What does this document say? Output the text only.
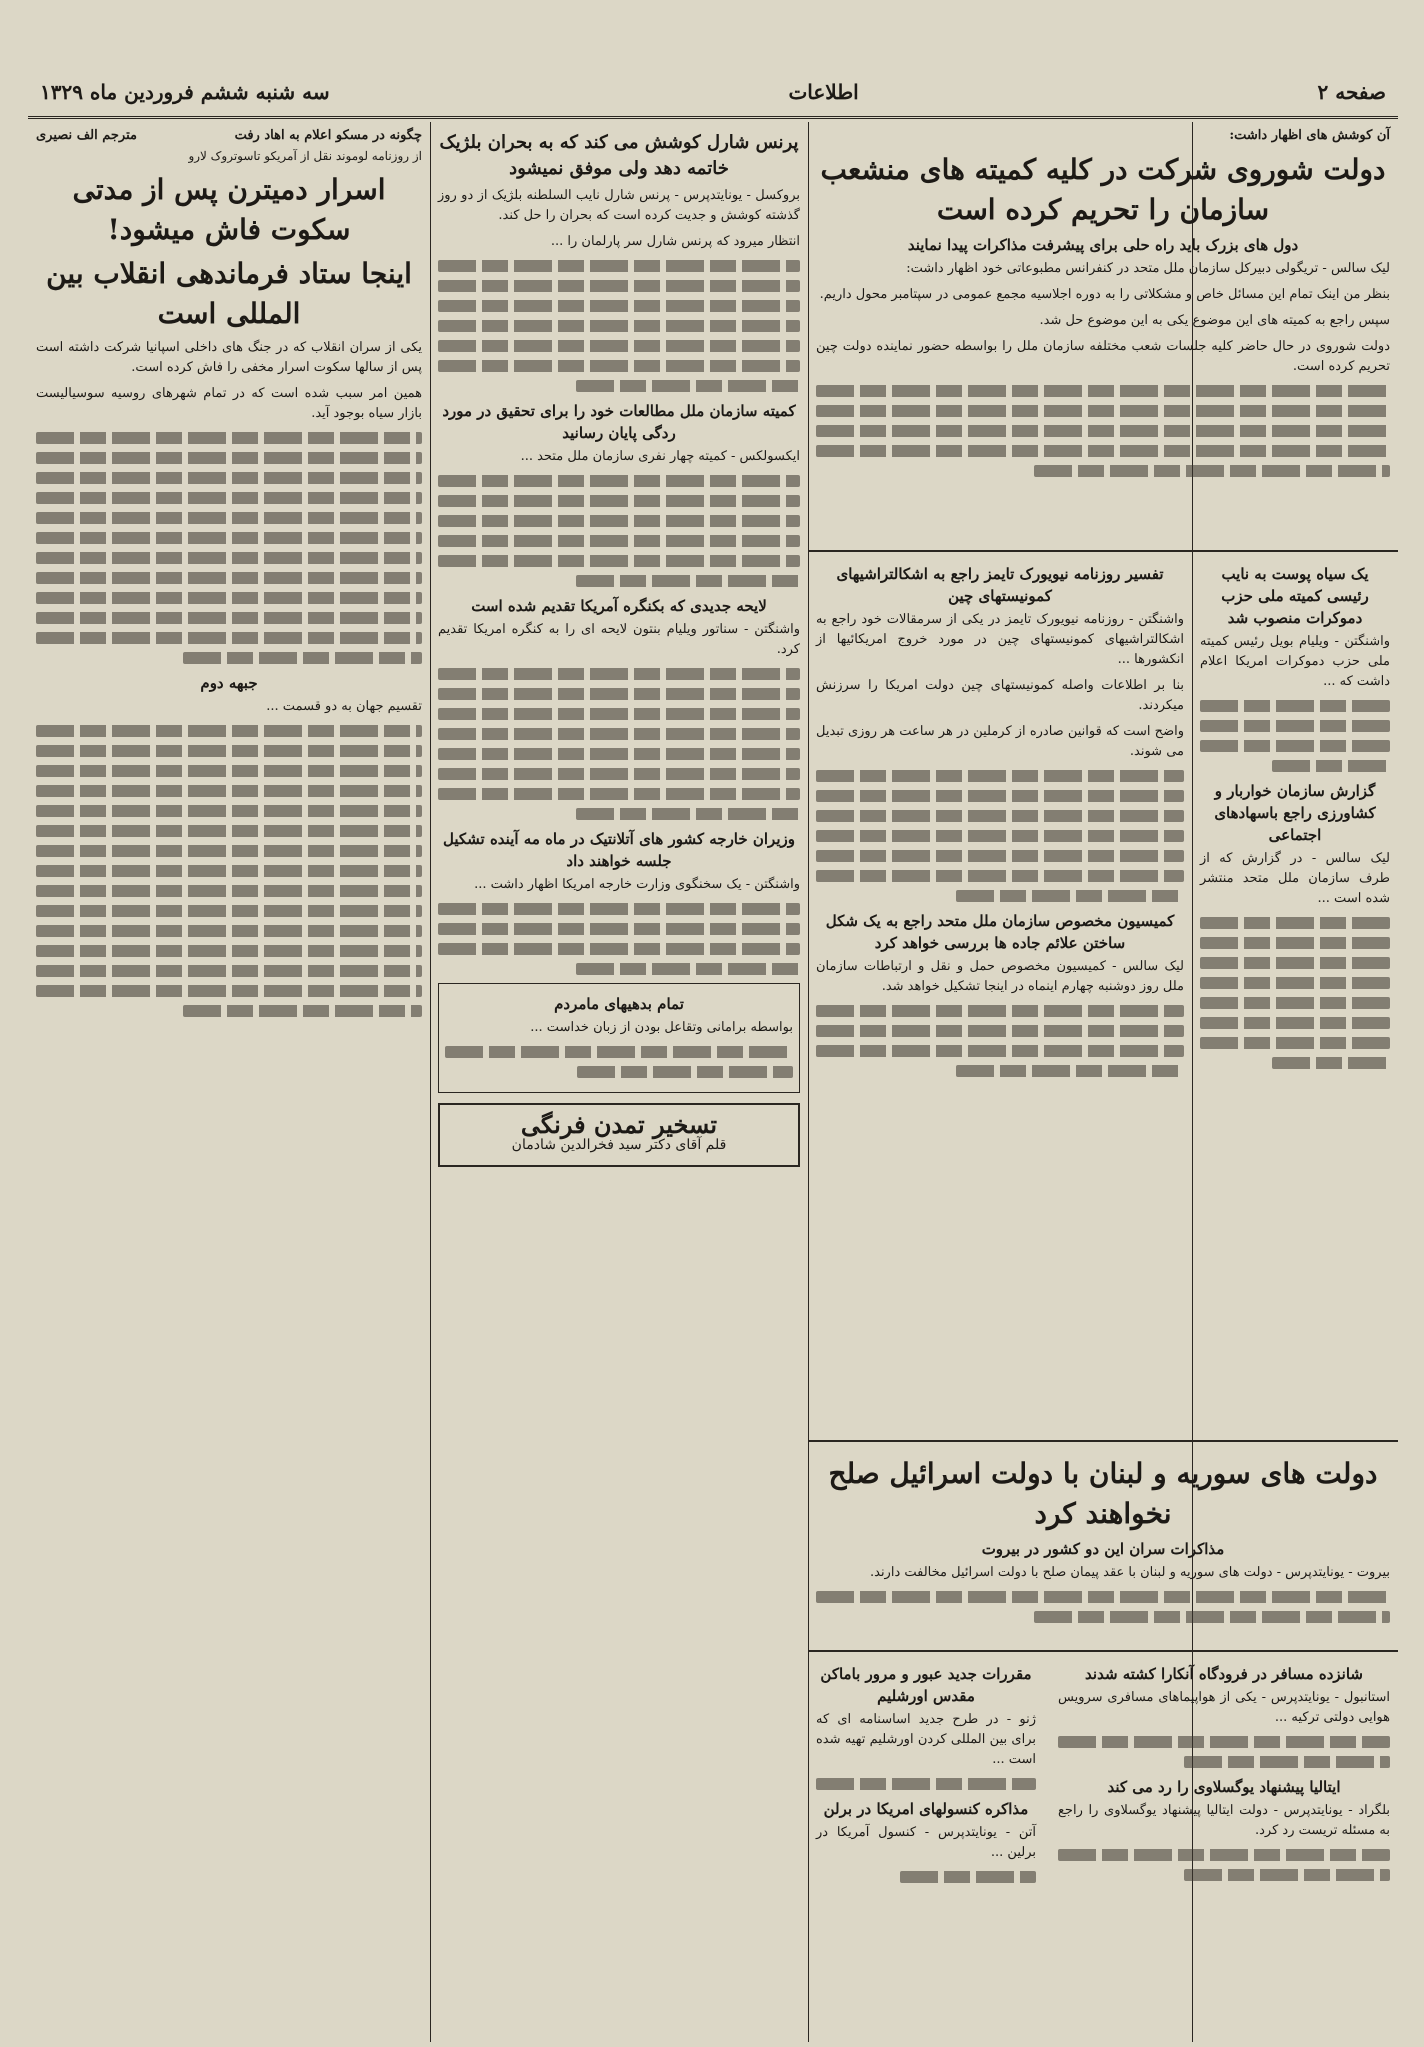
صفحه ۲
اطلاعات
سه شنبه ششم فروردین ماه ۱۳۲۹
آن کوشش های اظهار داشت:
دولت شوروی شرکت در کلیه کمیته های منشعب سازمان را تحریم کرده است
دول های بزرک باید راه حلی برای پیشرفت مذاکرات پیدا نمایند

لیک سالس - تریگولی دبیرکل سازمان ملل متحد در کنفرانس مطبوعاتی خود اظهار داشت:

بنظر من اینک تمام این مسائل خاص و مشکلاتی را به دوره اجلاسیه مجمع عمومی در سپتامبر محول داریم.

سپس راجع به کمیته های این موضوع یکی به این موضوع حل شد.

دولت شوروی در حال حاضر کلیه جلسات شعب مختلفه سازمان ملل را بواسطه حضور نماینده دولت چین تحریم کرده است.

یک سیاه پوست به نایب رئیسی کمیته ملی حزب دموکرات منصوب شد

واشنگتن - ویلیام بویل رئیس کمیته ملی حزب دموکرات امریکا اعلام داشت که ...

گزارش سازمان خواربار و کشاورزی راجع باسهادهای اجتماعی

لیک سالس - در گزارش که از طرف سازمان ملل متحد منتشر شده است ...

تفسیر روزنامه نیویورک تایمز راجع به اشکالتراشیهای کمونیستهای چین

واشنگتن - روزنامه نیویورک تایمز در یکی از سرمقالات خود راجع به اشکالتراشیهای کمونیستهای چین در مورد خروج امریکائیها از انکشورها ...

بنا بر اطلاعات واصله کمونیستهای چین دولت امریکا را سرزنش میکردند.

واضح است که قوانین صادره از کرملین در هر ساعت هر روزی تبدیل می شوند.

کمیسیون مخصوص سازمان ملل متحد راجع به یک شکل ساختن علائم جاده ها بررسی خواهد کرد

لیک سالس - کمیسیون مخصوص حمل و نقل و ارتباطات سازمان ملل روز دوشنبه چهارم اینماه در اینجا تشکیل خواهد شد.

دولت های سوریه و لبنان با دولت اسرائیل صلح نخواهند کرد
مذاکرات سران این دو کشور در بیروت

بیروت - یونایتدپرس - دولت های سوریه و لبنان با عقد پیمان صلح با دولت اسرائیل مخالفت دارند.

شانزده مسافر در فرودگاه آنکارا کشته شدند

استانبول - یونایتدپرس - یکی از هواپیماهای مسافری سرویس هوایی دولتی ترکیه ...

ایتالیا پیشنهاد یوگسلاوی را رد می کند

بلگراد - یونایتدپرس - دولت ایتالیا پیشنهاد یوگسلاوی را راجع به مسئله تریست رد کرد.

مقررات جدید عبور و مرور باماکن مقدس اورشلیم

ژنو - در طرح جدید اساسنامه ای که برای بین المللی کردن اورشلیم تهیه شده است ...

مذاکره کنسولهای امریکا در برلن

آتن - یونایتدپرس - کنسول آمریکا در برلین ...

پرنس شارل کوشش می کند که به بحران بلژیک خاتمه دهد ولی موفق نمیشود

بروکسل - یونایتدپرس - پرنس شارل نایب السلطنه بلژیک از دو روز گذشته کوشش و جدیت کرده است که بحران را حل کند.

انتظار میرود که پرنس شارل سر پارلمان را ...

کمیته سازمان ملل مطالعات خود را برای تحقیق در مورد ردگی پایان رسانید

ایکسولکس - کمیته چهار نفری سازمان ملل متحد ...

لایحه جدیدی که بکنگره آمریکا تقدیم شده است

واشنگتن - سناتور ویلیام بنتون لایحه ای را به کنگره امریکا تقدیم کرد.

وزیران خارجه کشور های آتلانتیک در ماه مه آینده تشکیل جلسه خواهند داد

واشنگتن - یک سخنگوی وزارت خارجه امریکا اظهار داشت ...

تمام بدهیهای مامردم
بواسطه برامانی وتقاعل بودن از زبان خداست ...
تسخیر تمدن فرنگی
قلم آقای دکتر سید فخرالدین شادمان
چگونه در مسکو اعلام به اهاد رفت
مترجم الف نصیری
از روزنامه لوموند نقل از آمریکو تاسوتروک لارو
اسرار دمیترن پس از مدتی سکوت فاش میشود!
اینجا ستاد فرماندهی انقلاب بین المللی است

یکی از سران انقلاب که در جنگ های داخلی اسپانیا شرکت داشته است پس از سالها سکوت اسرار مخفی را فاش کرده است.

همین امر سبب شده است که در تمام شهرهای روسیه سوسیالیست بازار سیاه بوجود آید.

جبهه دوم

تقسیم جهان به دو قسمت ...
